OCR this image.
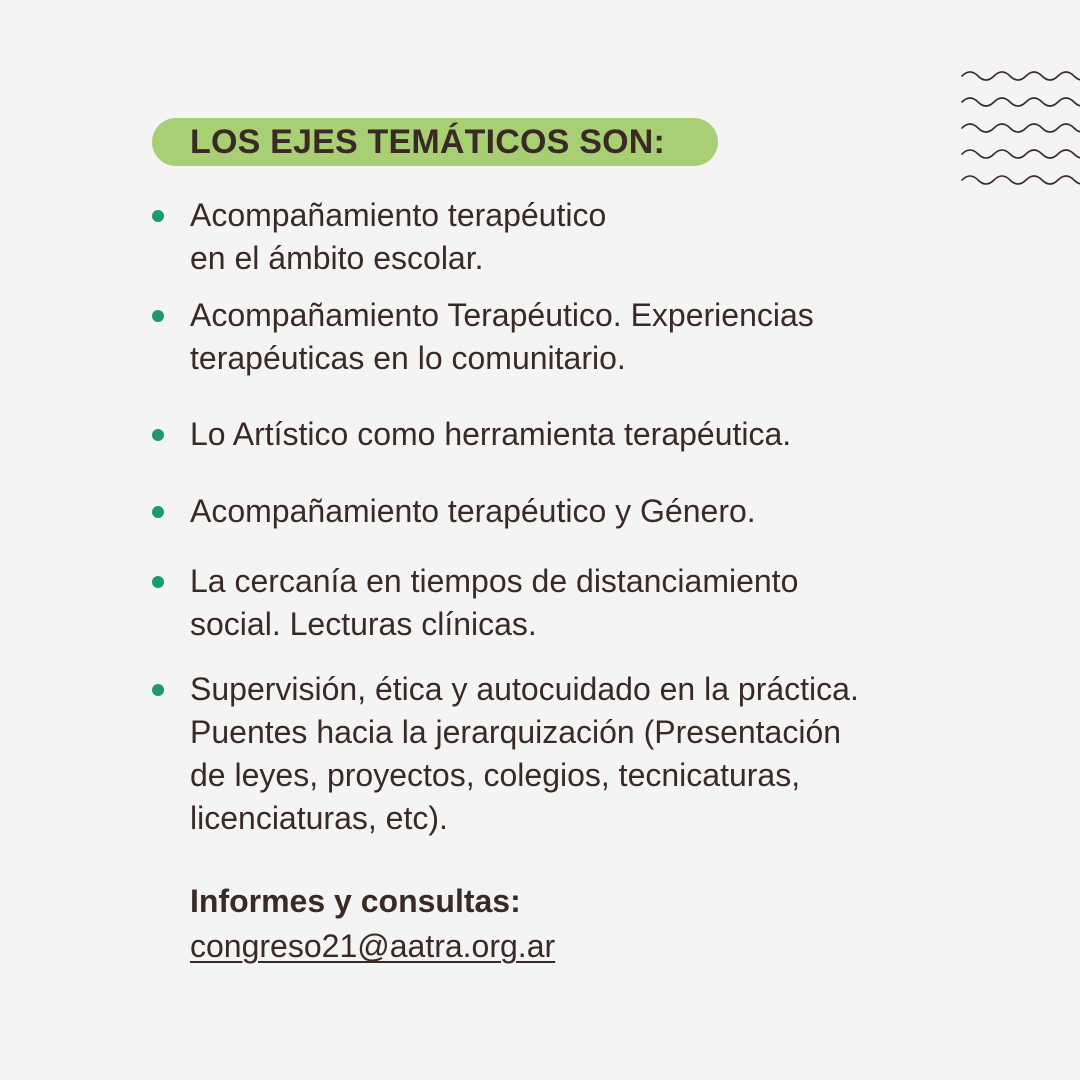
LOS EJES TEMÁTICOS SON:
Acompañamiento terapéutico
en el ámbito escolar.
Acompañamiento Terapéutico. Experiencias
terapéuticas en lo comunitario.
Lo Artístico como herramienta terapéutica.
Acompañamiento terapéutico y Género.
La cercanía en tiempos de distanciamiento
social. Lecturas clínicas.
Supervisión, ética y autocuidado en la práctica.
Puentes hacia la jerarquización (Presentación
de leyes, proyectos, colegios, tecnicaturas,
licenciaturas, etc).
Informes y consultas:
congreso21@aatra.org.ar
